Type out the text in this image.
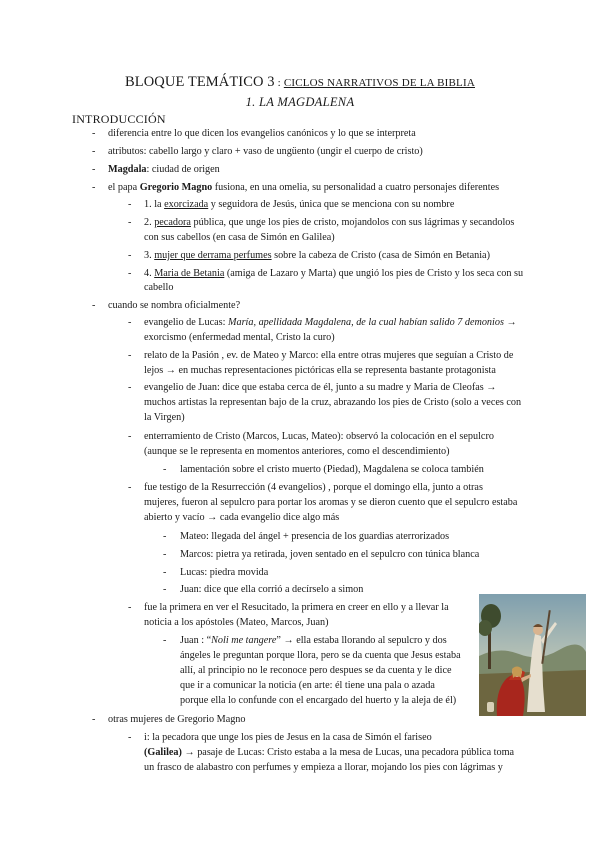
BLOQUE TEMÁTICO 3 : CICLOS NARRATIVOS DE LA BIBLIA
1. LA MAGDALENA
INTRODUCCIÓN
- diferencia entre lo que dicen los evangelios canónicos y lo que se interpreta
- atributos: cabello largo y claro + vaso de ungüento (ungir el cuerpo de cristo)
- Magdala: ciudad de origen
- el papa Gregorio Magno fusiona, en una omelia, su personalidad a cuatro personajes diferentes
- 1. la exorcizada y seguidora de Jesús, única que se menciona con su nombre
- 2. pecadora pública, que unge los pies de cristo, mojandolos con sus lágrimas y secandolos
con sus cabellos (en casa de Simón en Galilea)
- 3. mujer que derrama perfumes sobre la cabeza de Cristo (casa de Simón en Betania)
- 4. Maria de Betania (amiga de Lazaro y Marta) que ungió los pies de Cristo y los seca con su
cabello
- cuando se nombra oficialmente?
- evangelio de Lucas: María, apellidada Magdalena, de la cual habían salido 7 demonios →
exorcismo (enfermedad mental, Cristo la curo)
- relato de la Pasión , ev. de Mateo y Marco: ella entre otras mujeres que seguían a Cristo de
lejos → en muchas representaciones pictóricas ella se representa bastante protagonista
- evangelio de Juan: dice que estaba cerca de él, junto a su madre y Maria de Cleofas →
muchos artistas la representan bajo de la cruz, abrazando los pies de Cristo (solo a veces con
la Virgen)
- enterramiento de Cristo (Marcos, Lucas, Mateo): observó la colocación en el sepulcro
(aunque se le representa en momentos anteriores, como el descendimiento)
- lamentación sobre el cristo muerto (Piedad), Magdalena se coloca también
- fue testigo de la Resurrección (4 evangelios) , porque el domingo ella, junto a otras
mujeres, fueron al sepulcro para portar los aromas y se dieron cuento que el sepulcro estaba
abierto y vacío → cada evangelio dice algo más
- Mateo: llegada del ángel + presencia de los guardias aterrorizados
- Marcos: pietra ya retirada, joven sentado en el sepulcro con túnica blanca
- Lucas: piedra movida
- Juan: dice que ella corrió a decírselo a simon
- fue la primera en ver el Resucitado, la primera en creer en ello y a llevar la
noticia a los apóstoles (Mateo, Marcos, Juan)
- Juan : “Noli me tangere” → ella estaba llorando al sepulcro y dos
ángeles le preguntan porque llora, pero se da cuenta que Jesus estaba
allí, al principio no le reconoce pero despues se da cuenta y le dice
que ir a comunicar la noticia (en arte: él tiene una pala o azada
porque ella lo confunde con el encargado del huerto y la aleja de él)
- otras mujeres de Gregorio Magno
- i: la pecadora que unge los pies de Jesus en la casa de Simón el fariseo
(Galilea) → pasaje de Lucas: Cristo estaba a la mesa de Lucas, una pecadora pública toma
un frasco de alabastro con perfumes y empieza a llorar, mojando los pies con lágrimas y
